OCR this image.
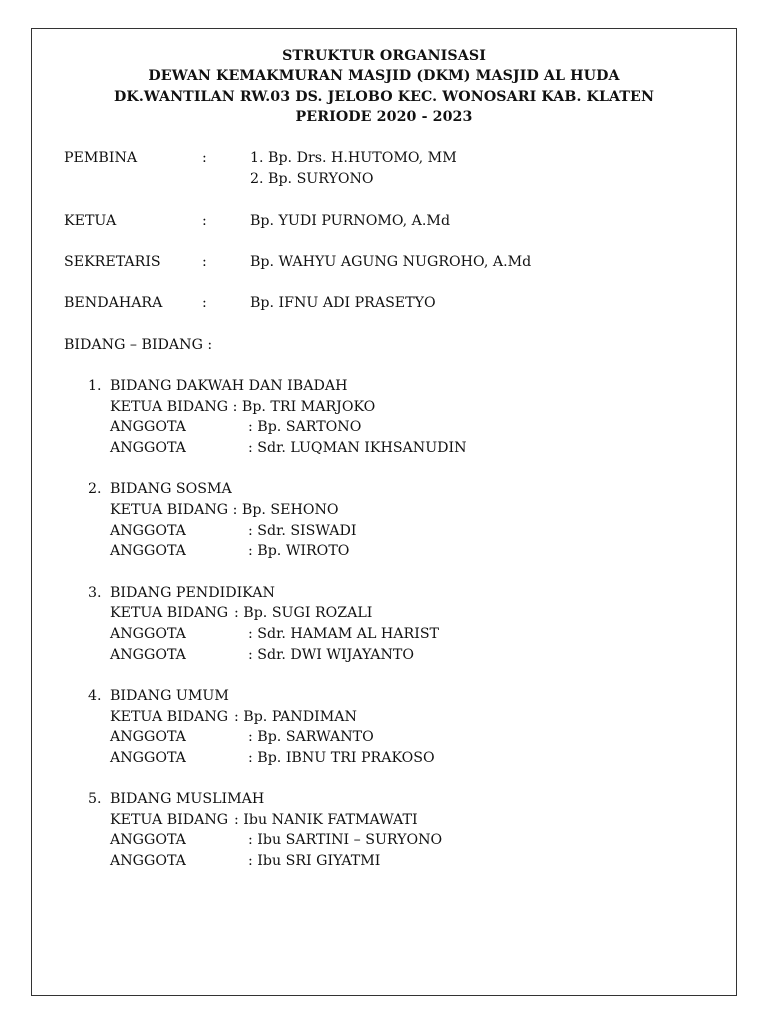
STRUKTUR ORGANISASI
DEWAN KEMAKMURAN MASJID (DKM) MASJID AL HUDA
DK.WANTILAN RW.03 DS. JELOBO KEC. WONOSARI KAB. KLATEN
PERIODE 2020 - 2023
PEMBINA	:	1. Bp. Drs. H.HUTOMO, MM
2. Bp. SURYONO
KETUA	:	Bp. YUDI PURNOMO, A.Md
SEKRETARIS	:	Bp. WAHYU AGUNG NUGROHO, A.Md
BENDAHARA	:	Bp. IFNU ADI PRASETYO
BIDANG – BIDANG :
1. BIDANG DAKWAH DAN IBADAH
KETUA BIDANG : Bp. TRI MARJOKO
ANGGOTA	: Bp. SARTONO
ANGGOTA	: Sdr. LUQMAN IKHSANUDIN
2. BIDANG SOSMA
KETUA BIDANG : Bp. SEHONO
ANGGOTA	: Sdr. SISWADI
ANGGOTA	: Bp. WIROTO
3. BIDANG PENDIDIKAN
KETUA BIDANG : Bp. SUGI ROZALI
ANGGOTA	: Sdr. HAMAM AL HARIST
ANGGOTA	: Sdr. DWI WIJAYANTO
4. BIDANG UMUM
KETUA BIDANG : Bp. PANDIMAN
ANGGOTA	: Bp. SARWANTO
ANGGOTA	: Bp. IBNU TRI PRAKOSO
5. BIDANG MUSLIMAH
KETUA BIDANG : Ibu NANIK FATMAWATI
ANGGOTA	: Ibu SARTINI – SURYONO
ANGGOTA	: Ibu SRI GIYATMI
